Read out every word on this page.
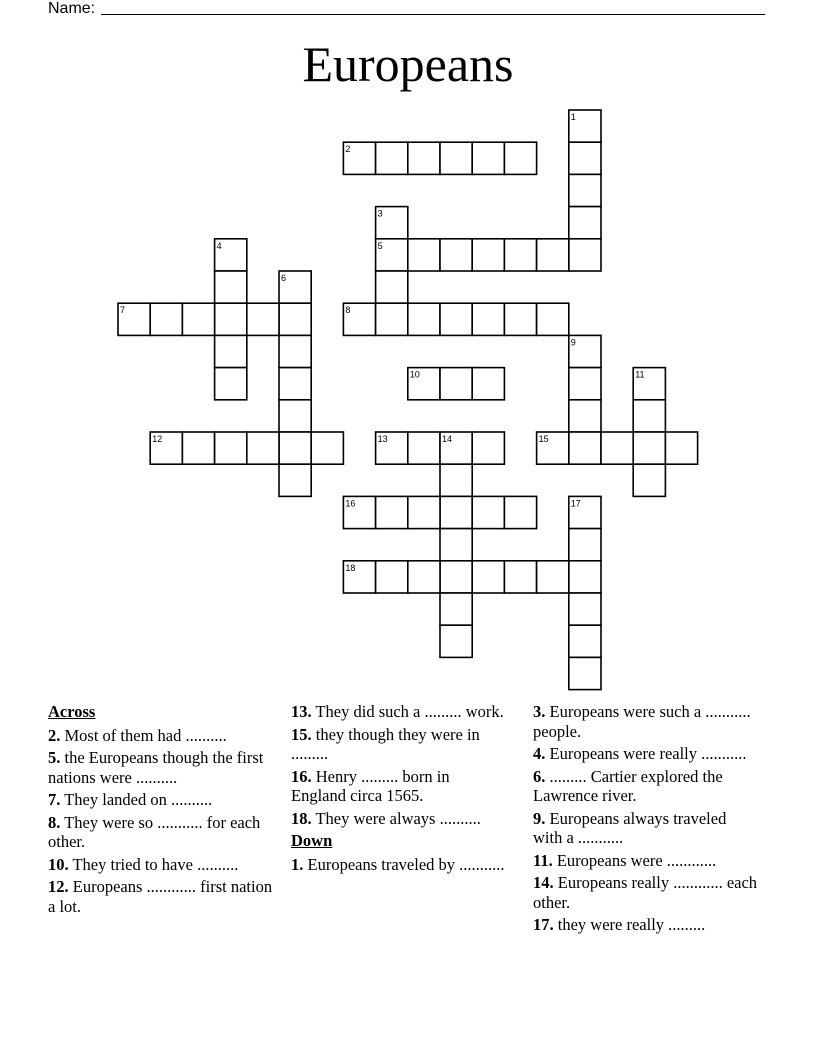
Name:
Europeans
1
2
3
4	5
6
7	8
9
10	11
12	13	14	15
16	17
18
Across
2. Most of them had ..........
5. the Europeans though the first nations were ..........
7. They landed on ..........
8. They were so ........... for each other.
10. They tried to have ..........
12. Europeans ............ first nation a lot.
13. They did such a ......... work.
15. they though they were in .........
16. Henry ......... born in England circa 1565.
18. They were always ..........
Down
1. Europeans traveled by ...........
3. Europeans were such a ........... people.
4. Europeans were really ...........
6. ......... Cartier explored the Lawrence river.
9. Europeans always traveled with a ...........
11. Europeans were ............
14. Europeans really ............ each other.
17. they were really .........
